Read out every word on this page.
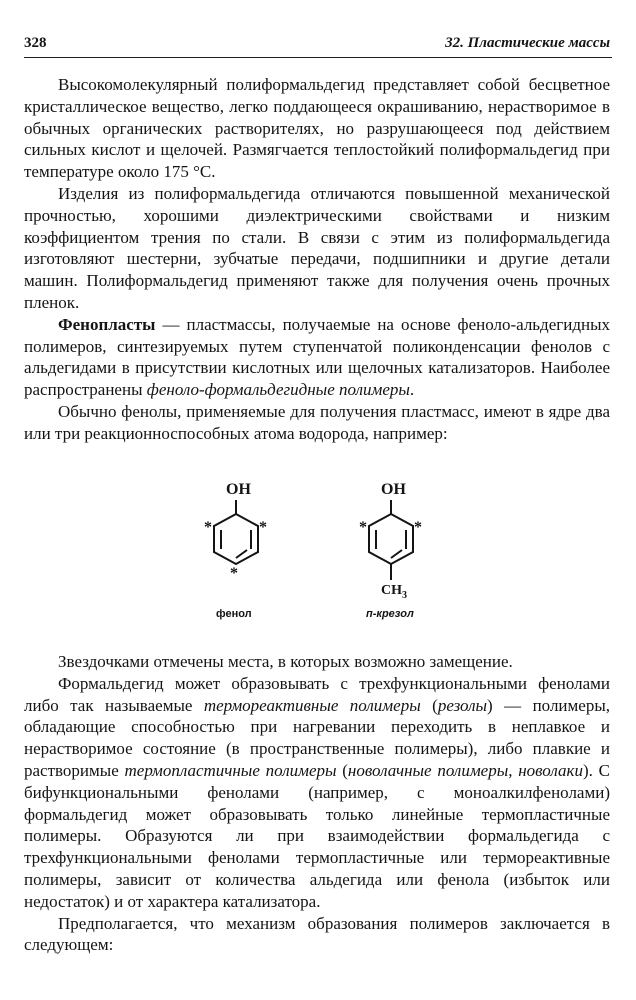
328	32. Пластические массы

Высокомолекулярный полиформальдегид представляет собой бесцветное кристаллическое вещество, легко поддающееся окрашиванию, нерастворимое в обычных органических растворителях, но разрушающееся под действием сильных кислот и щелочей. Размягчается теплостойкий полиформальдегид при температуре около 175 °С.

Изделия из полиформальдегида отличаются повышенной механической прочностью, хорошими диэлектрическими свойствами и низким коэффициентом трения по стали. В связи с этим из полиформальдегида изготовляют шестерни, зубчатые передачи, подшипники и другие детали машин. Полиформальдегид применяют также для получения очень прочных пленок.

Фенопласты — пластмассы, получаемые на основе феноло-альдегидных полимеров, синтезируемых путем ступенчатой поликонденсации фенолов с альдегидами в присутствии кислотных или щелочных катализаторов. Наиболее распространены феноло-формальдегидные полимеры.

Обычно фенолы, применяемые для получения пластмасс, имеют в ядре два или три реакционноспособных атома водорода, например:

OH
*	*
*
OH
*	*
$CH_3$
фенол	п-крезол

Звездочками отмечены места, в которых возможно замещение.

Формальдегид может образовывать с трехфункциональными фенолами либо так называемые термореактивные полимеры (резолы) — полимеры, обладающие способностью при нагревании переходить в неплавкое и нерастворимое состояние (в пространственные полимеры), либо плавкие и растворимые термопластичные полимеры (новолачные полимеры, новолаки). С бифункциональными фенолами (например, с моноалкилфенолами) формальдегид может образовывать только линейные термопластичные полимеры. Образуются ли при взаимодействии формальдегида с трехфункциональными фенолами термопластичные или термореактивные полимеры, зависит от количества альдегида или фенола (избыток или недостаток) и от характера катализатора.

Предполагается, что механизм образования полимеров заключается в следующем:
